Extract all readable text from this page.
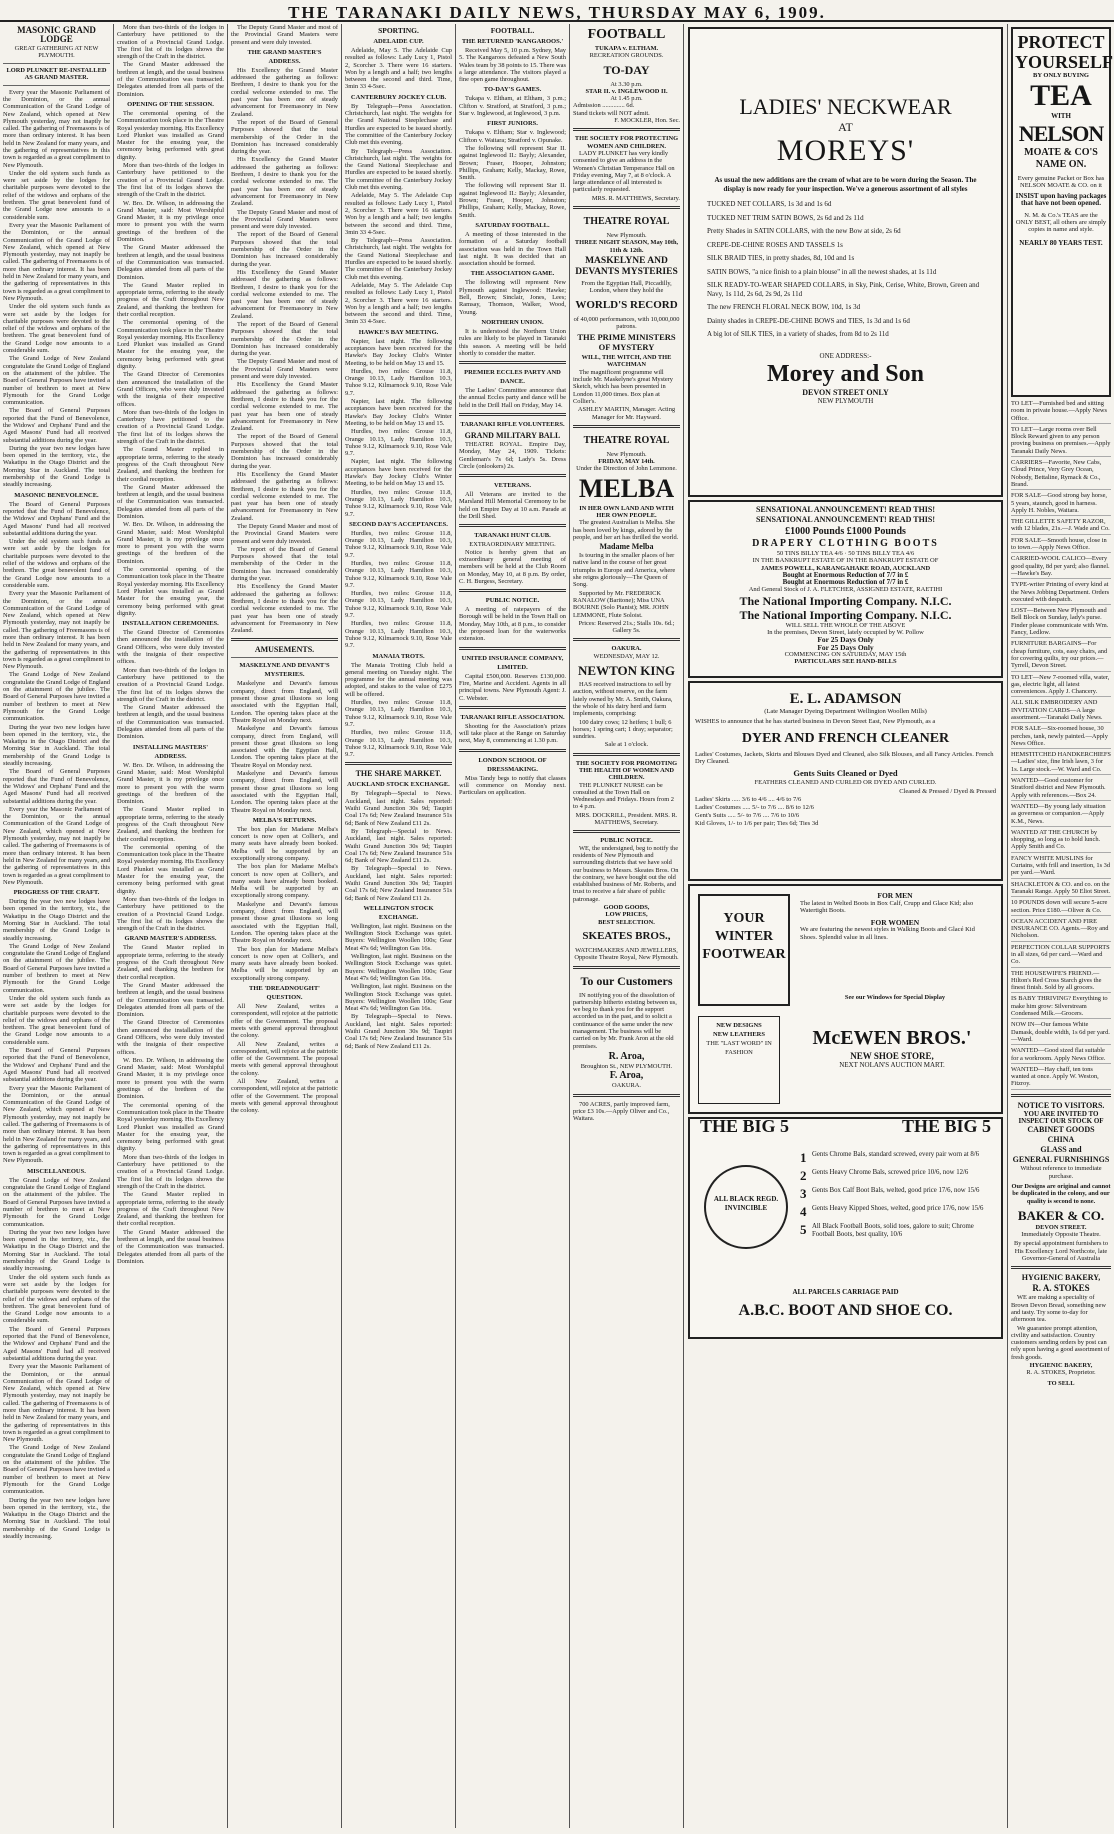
THE TARANAKI DAILY NEWS, THURSDAY MAY 6, 1909.
MASONIC GRAND LODGE
GREAT GATHERING AT NEW PLYMOUTH.
LORD PLUNKET RE-INSTALLED AS GRAND MASTER.

Every year the Masonic Parliament of the Dominion, or the annual Communication of the Grand Lodge of New Zealand, which opened at New Plymouth yesterday, may not inaptly be called. The gathering of Freemasons is of more than ordinary interest. It has been held in New Zealand for many years, and the gathering of representatives in this town is regarded as a great compliment to New Plymouth.

Under the old system such funds as were set aside by the lodges for charitable purposes were devoted to the relief of the widows and orphans of the brethren. The great benevolent fund of the Grand Lodge now amounts to a considerable sum.

Every year the Masonic Parliament of the Dominion, or the annual Communication of the Grand Lodge of New Zealand, which opened at New Plymouth yesterday, may not inaptly be called. The gathering of Freemasons is of more than ordinary interest. It has been held in New Zealand for many years, and the gathering of representatives in this town is regarded as a great compliment to New Plymouth.

Under the old system such funds as were set aside by the lodges for charitable purposes were devoted to the relief of the widows and orphans of the brethren. The great benevolent fund of the Grand Lodge now amounts to a considerable sum.

The Grand Lodge of New Zealand congratulate the Grand Lodge of England on the attainment of the jubilee. The Board of General Purposes have invited a number of brethren to meet at New Plymouth for the Grand Lodge communication.

The Board of General Purposes reported that the Fund of Benevolence, the Widows' and Orphans' Fund and the Aged Masons' Fund had all received substantial additions during the year.

During the year two new lodges have been opened in the territory, viz., the Wakatipu in the Otago District and the Morning Star in Auckland. The total membership of the Grand Lodge is steadily increasing.

MASONIC BENEVOLENCE.

The Board of General Purposes reported that the Fund of Benevolence, the Widows' and Orphans' Fund and the Aged Masons' Fund had all received substantial additions during the year.

Under the old system such funds as were set aside by the lodges for charitable purposes were devoted to the relief of the widows and orphans of the brethren. The great benevolent fund of the Grand Lodge now amounts to a considerable sum.

Every year the Masonic Parliament of the Dominion, or the annual Communication of the Grand Lodge of New Zealand, which opened at New Plymouth yesterday, may not inaptly be called. The gathering of Freemasons is of more than ordinary interest. It has been held in New Zealand for many years, and the gathering of representatives in this town is regarded as a great compliment to New Plymouth.

The Grand Lodge of New Zealand congratulate the Grand Lodge of England on the attainment of the jubilee. The Board of General Purposes have invited a number of brethren to meet at New Plymouth for the Grand Lodge communication.

During the year two new lodges have been opened in the territory, viz., the Wakatipu in the Otago District and the Morning Star in Auckland. The total membership of the Grand Lodge is steadily increasing.

The Board of General Purposes reported that the Fund of Benevolence, the Widows' and Orphans' Fund and the Aged Masons' Fund had all received substantial additions during the year.

Every year the Masonic Parliament of the Dominion, or the annual Communication of the Grand Lodge of New Zealand, which opened at New Plymouth yesterday, may not inaptly be called. The gathering of Freemasons is of more than ordinary interest. It has been held in New Zealand for many years, and the gathering of representatives in this town is regarded as a great compliment to New Plymouth.

PROGRESS OF THE CRAFT.

During the year two new lodges have been opened in the territory, viz., the Wakatipu in the Otago District and the Morning Star in Auckland. The total membership of the Grand Lodge is steadily increasing.

The Grand Lodge of New Zealand congratulate the Grand Lodge of England on the attainment of the jubilee. The Board of General Purposes have invited a number of brethren to meet at New Plymouth for the Grand Lodge communication.

Under the old system such funds as were set aside by the lodges for charitable purposes were devoted to the relief of the widows and orphans of the brethren. The great benevolent fund of the Grand Lodge now amounts to a considerable sum.

The Board of General Purposes reported that the Fund of Benevolence, the Widows' and Orphans' Fund and the Aged Masons' Fund had all received substantial additions during the year.

Every year the Masonic Parliament of the Dominion, or the annual Communication of the Grand Lodge of New Zealand, which opened at New Plymouth yesterday, may not inaptly be called. The gathering of Freemasons is of more than ordinary interest. It has been held in New Zealand for many years, and the gathering of representatives in this town is regarded as a great compliment to New Plymouth.

MISCELLANEOUS.

The Grand Lodge of New Zealand congratulate the Grand Lodge of England on the attainment of the jubilee. The Board of General Purposes have invited a number of brethren to meet at New Plymouth for the Grand Lodge communication.

During the year two new lodges have been opened in the territory, viz., the Wakatipu in the Otago District and the Morning Star in Auckland. The total membership of the Grand Lodge is steadily increasing.

Under the old system such funds as were set aside by the lodges for charitable purposes were devoted to the relief of the widows and orphans of the brethren. The great benevolent fund of the Grand Lodge now amounts to a considerable sum.

The Board of General Purposes reported that the Fund of Benevolence, the Widows' and Orphans' Fund and the Aged Masons' Fund had all received substantial additions during the year.

Every year the Masonic Parliament of the Dominion, or the annual Communication of the Grand Lodge of New Zealand, which opened at New Plymouth yesterday, may not inaptly be called. The gathering of Freemasons is of more than ordinary interest. It has been held in New Zealand for many years, and the gathering of representatives in this town is regarded as a great compliment to New Plymouth.

The Grand Lodge of New Zealand congratulate the Grand Lodge of England on the attainment of the jubilee. The Board of General Purposes have invited a number of brethren to meet at New Plymouth for the Grand Lodge communication.

During the year two new lodges have been opened in the territory, viz., the Wakatipu in the Otago District and the Morning Star in Auckland. The total membership of the Grand Lodge is steadily increasing.

More than two-thirds of the lodges in Canterbury have petitioned to the creation of a Provincial Grand Lodge. The first list of its lodges shows the strength of the Craft in the district.

The Grand Master addressed the brethren at length, and the usual business of the Communication was transacted. Delegates attended from all parts of the Dominion.

OPENING OF THE SESSION.

The ceremonial opening of the Communication took place in the Theatre Royal yesterday morning. His Excellency Lord Plunket was installed as Grand Master for the ensuing year, the ceremony being performed with great dignity.

More than two-thirds of the lodges in Canterbury have petitioned to the creation of a Provincial Grand Lodge. The first list of its lodges shows the strength of the Craft in the district.

W. Bro. Dr. Wilson, in addressing the Grand Master, said: Most Worshipful Grand Master, it is my privilege once more to present you with the warm greetings of the brethren of the Dominion.

The Grand Master addressed the brethren at length, and the usual business of the Communication was transacted. Delegates attended from all parts of the Dominion.

The Grand Master replied in appropriate terms, referring to the steady progress of the Craft throughout New Zealand, and thanking the brethren for their cordial reception.

The ceremonial opening of the Communication took place in the Theatre Royal yesterday morning. His Excellency Lord Plunket was installed as Grand Master for the ensuing year, the ceremony being performed with great dignity.

The Grand Director of Ceremonies then announced the installation of the Grand Officers, who were duly invested with the insignia of their respective offices.

More than two-thirds of the lodges in Canterbury have petitioned to the creation of a Provincial Grand Lodge. The first list of its lodges shows the strength of the Craft in the district.

The Grand Master replied in appropriate terms, referring to the steady progress of the Craft throughout New Zealand, and thanking the brethren for their cordial reception.

The Grand Master addressed the brethren at length, and the usual business of the Communication was transacted. Delegates attended from all parts of the Dominion.

W. Bro. Dr. Wilson, in addressing the Grand Master, said: Most Worshipful Grand Master, it is my privilege once more to present you with the warm greetings of the brethren of the Dominion.

The ceremonial opening of the Communication took place in the Theatre Royal yesterday morning. His Excellency Lord Plunket was installed as Grand Master for the ensuing year, the ceremony being performed with great dignity.

INSTALLATION CEREMONIES.

The Grand Director of Ceremonies then announced the installation of the Grand Officers, who were duly invested with the insignia of their respective offices.

More than two-thirds of the lodges in Canterbury have petitioned to the creation of a Provincial Grand Lodge. The first list of its lodges shows the strength of the Craft in the district.

The Grand Master addressed the brethren at length, and the usual business of the Communication was transacted. Delegates attended from all parts of the Dominion.

INSTALLING MASTERS' ADDRESS.

W. Bro. Dr. Wilson, in addressing the Grand Master, said: Most Worshipful Grand Master, it is my privilege once more to present you with the warm greetings of the brethren of the Dominion.

The Grand Master replied in appropriate terms, referring to the steady progress of the Craft throughout New Zealand, and thanking the brethren for their cordial reception.

The ceremonial opening of the Communication took place in the Theatre Royal yesterday morning. His Excellency Lord Plunket was installed as Grand Master for the ensuing year, the ceremony being performed with great dignity.

More than two-thirds of the lodges in Canterbury have petitioned to the creation of a Provincial Grand Lodge. The first list of its lodges shows the strength of the Craft in the district.

GRAND MASTER'S ADDRESS.

The Grand Master replied in appropriate terms, referring to the steady progress of the Craft throughout New Zealand, and thanking the brethren for their cordial reception.

The Grand Master addressed the brethren at length, and the usual business of the Communication was transacted. Delegates attended from all parts of the Dominion.

The Grand Director of Ceremonies then announced the installation of the Grand Officers, who were duly invested with the insignia of their respective offices.

W. Bro. Dr. Wilson, in addressing the Grand Master, said: Most Worshipful Grand Master, it is my privilege once more to present you with the warm greetings of the brethren of the Dominion.

The ceremonial opening of the Communication took place in the Theatre Royal yesterday morning. His Excellency Lord Plunket was installed as Grand Master for the ensuing year, the ceremony being performed with great dignity.

More than two-thirds of the lodges in Canterbury have petitioned to the creation of a Provincial Grand Lodge. The first list of its lodges shows the strength of the Craft in the district.

The Grand Master replied in appropriate terms, referring to the steady progress of the Craft throughout New Zealand, and thanking the brethren for their cordial reception.

The Grand Master addressed the brethren at length, and the usual business of the Communication was transacted. Delegates attended from all parts of the Dominion.

The Deputy Grand Master and most of the Provincial Grand Masters were present and were duly invested.

THE GRAND MASTER'S ADDRESS.

His Excellency the Grand Master addressed the gathering as follows: Brethren, I desire to thank you for the cordial welcome extended to me. The past year has been one of steady advancement for Freemasonry in New Zealand.

The report of the Board of General Purposes showed that the total membership of the Order in the Dominion has increased considerably during the year.

His Excellency the Grand Master addressed the gathering as follows: Brethren, I desire to thank you for the cordial welcome extended to me. The past year has been one of steady advancement for Freemasonry in New Zealand.

The Deputy Grand Master and most of the Provincial Grand Masters were present and were duly invested.

The report of the Board of General Purposes showed that the total membership of the Order in the Dominion has increased considerably during the year.

His Excellency the Grand Master addressed the gathering as follows: Brethren, I desire to thank you for the cordial welcome extended to me. The past year has been one of steady advancement for Freemasonry in New Zealand.

The report of the Board of General Purposes showed that the total membership of the Order in the Dominion has increased considerably during the year.

The Deputy Grand Master and most of the Provincial Grand Masters were present and were duly invested.

His Excellency the Grand Master addressed the gathering as follows: Brethren, I desire to thank you for the cordial welcome extended to me. The past year has been one of steady advancement for Freemasonry in New Zealand.

The report of the Board of General Purposes showed that the total membership of the Order in the Dominion has increased considerably during the year.

His Excellency the Grand Master addressed the gathering as follows: Brethren, I desire to thank you for the cordial welcome extended to me. The past year has been one of steady advancement for Freemasonry in New Zealand.

The Deputy Grand Master and most of the Provincial Grand Masters were present and were duly invested.

The report of the Board of General Purposes showed that the total membership of the Order in the Dominion has increased considerably during the year.

His Excellency the Grand Master addressed the gathering as follows: Brethren, I desire to thank you for the cordial welcome extended to me. The past year has been one of steady advancement for Freemasonry in New Zealand.

AMUSEMENTS.
MASKELYNE AND DEVANT'S MYSTERIES.

Maskelyne and Devant's famous company, direct from England, will present those great illusions so long associated with the Egyptian Hall, London. The opening takes place at the Theatre Royal on Monday next.

Maskelyne and Devant's famous company, direct from England, will present those great illusions so long associated with the Egyptian Hall, London. The opening takes place at the Theatre Royal on Monday next.

Maskelyne and Devant's famous company, direct from England, will present those great illusions so long associated with the Egyptian Hall, London. The opening takes place at the Theatre Royal on Monday next.

MELBA'S RETURNS.

The box plan for Madame Melba's concert is now open at Collier's, and many seats have already been booked. Melba will be supported by an exceptionally strong company.

The box plan for Madame Melba's concert is now open at Collier's, and many seats have already been booked. Melba will be supported by an exceptionally strong company.

Maskelyne and Devant's famous company, direct from England, will present those great illusions so long associated with the Egyptian Hall, London. The opening takes place at the Theatre Royal on Monday next.

The box plan for Madame Melba's concert is now open at Collier's, and many seats have already been booked. Melba will be supported by an exceptionally strong company.

THE 'DREADNOUGHT' QUESTION.

All New Zealand, writes a correspondent, will rejoice at the patriotic offer of the Government. The proposal meets with general approval throughout the colony.

All New Zealand, writes a correspondent, will rejoice at the patriotic offer of the Government. The proposal meets with general approval throughout the colony.

All New Zealand, writes a correspondent, will rejoice at the patriotic offer of the Government. The proposal meets with general approval throughout the colony.

SPORTING.
ADELAIDE CUP.

Adelaide, May 5. The Adelaide Cup resulted as follows: Lady Lucy 1, Pistol 2, Scorcher 3. There were 16 starters. Won by a length and a half; two lengths between the second and third. Time, 3min 33 4-5sec.

CANTERBURY JOCKEY CLUB.

By Telegraph—Press Association. Christchurch, last night. The weights for the Grand National Steeplechase and Hurdles are expected to be issued shortly. The committee of the Canterbury Jockey Club met this evening.

By Telegraph—Press Association. Christchurch, last night. The weights for the Grand National Steeplechase and Hurdles are expected to be issued shortly. The committee of the Canterbury Jockey Club met this evening.

Adelaide, May 5. The Adelaide Cup resulted as follows: Lady Lucy 1, Pistol 2, Scorcher 3. There were 16 starters. Won by a length and a half; two lengths between the second and third. Time, 3min 33 4-5sec.

By Telegraph—Press Association. Christchurch, last night. The weights for the Grand National Steeplechase and Hurdles are expected to be issued shortly. The committee of the Canterbury Jockey Club met this evening.

Adelaide, May 5. The Adelaide Cup resulted as follows: Lady Lucy 1, Pistol 2, Scorcher 3. There were 16 starters. Won by a length and a half; two lengths between the second and third. Time, 3min 33 4-5sec.

HAWKE'S BAY MEETING.

Napier, last night. The following acceptances have been received for the Hawke's Bay Jockey Club's Winter Meeting, to be held on May 13 and 15.

Hurdles, two miles: Grouse 11.8, Orange 10.13, Lady Hamilton 10.3, Tuhoe 9.12, Kilmarnock 9.10, Rose Vale 9.7.

Napier, last night. The following acceptances have been received for the Hawke's Bay Jockey Club's Winter Meeting, to be held on May 13 and 15.

Hurdles, two miles: Grouse 11.8, Orange 10.13, Lady Hamilton 10.3, Tuhoe 9.12, Kilmarnock 9.10, Rose Vale 9.7.

Napier, last night. The following acceptances have been received for the Hawke's Bay Jockey Club's Winter Meeting, to be held on May 13 and 15.

Hurdles, two miles: Grouse 11.8, Orange 10.13, Lady Hamilton 10.3, Tuhoe 9.12, Kilmarnock 9.10, Rose Vale 9.7.

SECOND DAY'S ACCEPTANCES.

Hurdles, two miles: Grouse 11.8, Orange 10.13, Lady Hamilton 10.3, Tuhoe 9.12, Kilmarnock 9.10, Rose Vale 9.7.

Hurdles, two miles: Grouse 11.8, Orange 10.13, Lady Hamilton 10.3, Tuhoe 9.12, Kilmarnock 9.10, Rose Vale 9.7.

Hurdles, two miles: Grouse 11.8, Orange 10.13, Lady Hamilton 10.3, Tuhoe 9.12, Kilmarnock 9.10, Rose Vale 9.7.

Hurdles, two miles: Grouse 11.8, Orange 10.13, Lady Hamilton 10.3, Tuhoe 9.12, Kilmarnock 9.10, Rose Vale 9.7.

MANAIA TROTS.

The Manaia Trotting Club held a general meeting on Tuesday night. The programme for the annual meeting was adopted, and stakes to the value of £275 will be offered.

Hurdles, two miles: Grouse 11.8, Orange 10.13, Lady Hamilton 10.3, Tuhoe 9.12, Kilmarnock 9.10, Rose Vale 9.7.

Hurdles, two miles: Grouse 11.8, Orange 10.13, Lady Hamilton 10.3, Tuhoe 9.12, Kilmarnock 9.10, Rose Vale 9.7.

THE SHARE MARKET.
AUCKLAND STOCK EXCHANGE.

By Telegraph—Special to News. Auckland, last night. Sales reported: Waihi Grand Junction 30s 9d; Taupiri Coal 17s 6d; New Zealand Insurance 51s 6d; Bank of New Zealand £11 2s.

By Telegraph—Special to News. Auckland, last night. Sales reported: Waihi Grand Junction 30s 9d; Taupiri Coal 17s 6d; New Zealand Insurance 51s 6d; Bank of New Zealand £11 2s.

By Telegraph—Special to News. Auckland, last night. Sales reported: Waihi Grand Junction 30s 9d; Taupiri Coal 17s 6d; New Zealand Insurance 51s 6d; Bank of New Zealand £11 2s.

WELLINGTON STOCK EXCHANGE.

Wellington, last night. Business on the Wellington Stock Exchange was quiet. Buyers: Wellington Woollen 100s; Gear Meat 47s 6d; Wellington Gas 16s.

Wellington, last night. Business on the Wellington Stock Exchange was quiet. Buyers: Wellington Woollen 100s; Gear Meat 47s 6d; Wellington Gas 16s.

Wellington, last night. Business on the Wellington Stock Exchange was quiet. Buyers: Wellington Woollen 100s; Gear Meat 47s 6d; Wellington Gas 16s.

By Telegraph—Special to News. Auckland, last night. Sales reported: Waihi Grand Junction 30s 9d; Taupiri Coal 17s 6d; New Zealand Insurance 51s 6d; Bank of New Zealand £11 2s.

FOOTBALL.
THE RETURNED 'KANGAROOS.'

Received May 5, 10 p.m. Sydney, May 5. The Kangaroos defeated a New South Wales team by 38 points to 15. There was a large attendance. The visitors played a fine open game throughout.

TO-DAY'S GAMES.

Tukapa v. Eltham, at Eltham, 3 p.m.; Clifton v. Stratford, at Stratford, 3 p.m.; Star v. Inglewood, at Inglewood, 3 p.m.

FIRST JUNIORS.

Tukapa v. Eltham; Star v. Inglewood; Clifton v. Waitara; Stratford v. Opunake.

The following will represent Star II. against Inglewood II.: Bayly; Alexander, Brown; Fraser, Hooper, Johnston; Phillips, Graham; Kelly, Mackay, Rowe, Smith.

The following will represent Star II. against Inglewood II.: Bayly; Alexander, Brown; Fraser, Hooper, Johnston; Phillips, Graham; Kelly, Mackay, Rowe, Smith.

SATURDAY FOOTBALL.

A meeting of those interested in the formation of a Saturday football association was held in the Town Hall last night. It was decided that an association should be formed.

THE ASSOCIATION GAME.

The following will represent New Plymouth against Inglewood: Hawke; Bell, Brown; Sinclair, Jones, Lees; Ramsay, Thomson, Walker, Wood, Young.

NORTHERN UNION.

It is understood the Northern Union rules are likely to be played in Taranaki this season. A meeting will be held shortly to consider the matter.

PREMIER ECCLES PARTY AND DANCE.

The Ladies' Committee announce that the annual Eccles party and dance will be held in the Drill Hall on Friday, May 14.

TARANAKI RIFLE VOLUNTEERS.
GRAND MILITARY BALL

THEATRE ROYAL. Empire Day, Monday, May 24, 1909. Tickets: Gentleman's 7s 6d; Lady's 5s. Dress Circle (onlookers) 2s.

VETERANS.

All Veterans are invited to the Marsland Hill Memorial Ceremony to be held on Empire Day at 10 a.m. Parade at the Drill Shed.

TARANAKI HUNT CLUB.
EXTRAORDINARY MEETING.

Notice is hereby given that an extraordinary general meeting of members will be held at the Club Room on Monday, May 10, at 8 p.m. By order, C. H. Burgess, Secretary.

PUBLIC NOTICE.

A meeting of ratepayers of the Borough will be held in the Town Hall on Monday, May 10th, at 8 p.m., to consider the proposed loan for the waterworks extension.

UNITED INSURANCE COMPANY, LIMITED.

Capital £500,000. Reserves £130,000. Fire, Marine and Accident. Agents in all principal towns. New Plymouth Agent: J. C. Webster.

TARANAKI RIFLE ASSOCIATION.

Shooting for the Association's prizes will take place at the Range on Saturday next, May 8, commencing at 1.30 p.m.

LONDON SCHOOL OF DRESSMAKING.

Miss Tandy begs to notify that classes will commence on Monday next. Particulars on application.

FOOTBALL
TUKAPA v. ELTHAM.
RECREATION GROUNDS.
TO-DAY
At 3.30 p.m.
STAR II. v. INGLEWOOD II.
At 1.45 p.m.
Admission .............. 6d.
Stand tickets will NOT admit.
F. MOCKLER, Hon. Sec.
THE SOCIETY FOR PROTECTING WOMEN AND CHILDREN.

LADY PLUNKET has very kindly consented to give an address in the Women's Christian Temperance Hall on Friday evening, May 7, at 8 o'clock. A large attendance of all interested is particularly requested.

MRS. R. MATTHEWS, Secretary.
THEATRE ROYAL
New Plymouth.
THREE NIGHT SEASON, May 10th, 11th & 12th.
MASKELYNE AND DEVANTS MYSTERIES
From the Egyptian Hall, Piccadilly, London, where they hold the
WORLD'S RECORD
of 40,000 performances, with 10,000,000 patrons.
THE PRIME MINISTERS OF MYSTERY
WILL, THE WITCH, AND THE WATCHMAN

The magnificent programme will include Mr. Maskelyne's great Mystery Sketch, which has been presented in London 11,000 times. Box plan at Collier's.

ASHLEY MARTIN, Manager. Acting Manager for Mr. Hayward.
THEATRE ROYAL
New Plymouth.
FRIDAY, MAY 14th.
Under the Direction of John Lemmone.
MELBA
IN HER OWN LAND AND WITH HER OWN PEOPLE.

The greatest Australian is Melba. She has been loved by kings, adored by the people, and her art has thrilled the world.

Madame Melba

Is touring in the smaller places of her native land in the course of her great triumphs in Europe and America, where she reigns gloriously—The Queen of Song.

Supported by Mr. FREDERICK RANALOW (Baritone); Miss UNA BOURNE (Solo Pianist); MR. JOHN LEMMONE, Flute Soloist.

Prices: Reserved 21s.; Stalls 10s. 6d.; Gallery 5s.
OAKURA.
WEDNESDAY, MAY 12.
NEWTON KING

HAS received instructions to sell by auction, without reserve, on the farm lately owned by Mr. A. Smith, Oakura, the whole of his dairy herd and farm implements, comprising:

100 dairy cows; 12 heifers; 1 bull; 6 horses; 1 spring cart; 1 dray; separator; sundries.

Sale at 1 o'clock.
THE SOCIETY FOR PROMOTING THE HEALTH OF WOMEN AND CHILDREN.

THE PLUNKET NURSE can be consulted at the Town Hall on Wednesdays and Fridays. Hours from 2 to 4 p.m.

MRS. DOCKRILL, President. MRS. R. MATTHEWS, Secretary.
PUBLIC NOTICE.

WE, the undersigned, beg to notify the residents of New Plymouth and surrounding districts that we have sold our business to Messrs. Skeates Bros. On the contrary, we have bought out the old established business of Mr. Roberts, and trust to receive a fair share of public patronage.

GOOD GOODS,
LOW PRICES,
BEST SELECTION.
SKEATES BROS.,
WATCHMAKERS AND JEWELLERS, Opposite Theatre Royal, New Plymouth.
To our Customers

IN notifying you of the dissolution of partnership hitherto existing between us, we beg to thank you for the support accorded us in the past, and to solicit a continuance of the same under the new management. The business will be carried on by Mr. Frank Aron at the old premises.

R. Aroa,
Broughton St., NEW PLYMOUTH.
F. Aroa,
OAKURA.

700 ACRES, partly improved farm, price £3 10s.—Apply Oliver and Co., Waitara.

LADIES' NECKWEAR
AT
MOREYS'
As usual the new additions are the cream of what are to be worn during the Season. The display is now ready for your inspection. We've a generous assortment of all styles
TUCKED NET COLLARS, 1s 3d and 1s 6d
TUCKED NET TRIM SATIN BOWS, 2s 6d and 2s 11d
Pretty Shades in SATIN COLLARS, with the new Bow at side, 2s 6d
CREPE-DE-CHINE ROSES AND TASSELS 1s
SILK BRAID TIES, in pretty shades, 8d, 10d and 1s
SATIN BOWS, "a nice finish to a plain blouse" in all the newest shades, at 1s 11d
SILK READY-TO-WEAR SHAPED COLLARS, in Sky, Pink, Cerise, White, Brown, Green and Navy, 1s 11d, 2s 6d, 2s 9d, 2s 11d
The new FRENCH FLORAL NECK BOW, 10d, 1s 3d
Dainty shades in CREPE-DE-CHINE BOWS and TIES, 1s 3d and 1s 6d
A big lot of SILK TIES, in a variety of shades, from 8d to 2s 11d
ONE ADDRESS:-
Morey and Son
DEVON STREET ONLY
NEW PLYMOUTH
SENSATIONAL ANNOUNCEMENT! READ THIS!
SENSATIONAL ANNOUNCEMENT! READ THIS!
£1000 Pounds £1000 Pounds
DRAPERY CLOTHING BOOTS
50 TINS BILLY TEA 4/6 · 50 TINS BILLY TEA 4/6
IN THE BANKRUPT ESTATE OF IN THE BANKRUPT ESTATE OF
JAMES POWELL, KARANGAHAKE ROAD, AUCKLAND
Bought at Enormous Reduction of 7/7 in £
Bought at Enormous Reduction of 7/7 in £
And General Stock of J. A. FLETCHER, ASSIGNED ESTATE, RAETIHI
The National Importing Company. N.I.C.
The National Importing Company. N.I.C.
WILL SELL THE WHOLE OF THE ABOVE
In the premises, Devon Street, lately occupied by W. Pollow
For 25 Days Only
For 25 Days Only
COMMENCING ON SATURDAY, MAY 15th
PARTICULARS SEE HAND-BILLS
E. L. ADAMSON
(Late Manager Dyeing Department Wellington Woollen Mills)
WISHES to announce that he has started business in Devon Street East, New Plymouth, as a
DYER AND FRENCH CLEANER
Ladies' Costumes, Jackets, Skirts and Blouses Dyed and Cleaned, also Silk Blouses, and all Fancy Articles. French Dry Cleaned.
Gents Suits Cleaned or Dyed
FEATHERS CLEANED AND CURLED OR DYED AND CURLED.
Cleaned & Pressed / Dyed & Pressed
Ladies' Skirts ..... 3/6 to 4/6 .... 4/6 to 7/6
Ladies' Costumes ..... 5/- to 7/6 .... 8/6 to 12/6
Gent's Suits ..... 5/- to 7/6 .... 7/6 to 10/6
Kid Gloves, 1/- to 1/6 per pair; Ties 6d; Ties 3d
YOUR
WINTER
FOOTWEAR
FOR MEN
The latest in Welted Boots in Box Calf, Crupp and Glace Kid; also Watertight Boots.
FOR WOMEN
We are featuring the newest styles in Walking Boots and Glacé Kid Shoes. Splendid value in all lines.
See our Windows for Special Display
NEW DESIGNS
NEW LEATHERS
THE "LAST WORD" IN FASHION
McEWEN BROS.'
NEW SHOE STORE,
NEXT NOLAN'S AUCTION MART.
THE BIG 5	THE BIG 5
ALL BLACK REGD. INVINCIBLE
1 Gents Chrome Bals, standard screwed, every pair worn at 8/6
2 Gents Heavy Chrome Bals, screwed price 10/6, now 12/6
3 Gents Box Calf Boot Bals, welted, good price 17/6, now 15/6
4 Gents Heavy Kipped Shoes, welted, good price 17/6, now 15/6
5 All Black Football Boots, solid toes, galore to suit; Chrome Football Boots, best quality, 10/6
ALL PARCELS CARRIAGE PAID
A.B.C. BOOT AND SHOE CO.
PROTECT YOURSELF
BY ONLY BUYING
TEA
WITH
NELSON
MOATE & CO'S
NAME ON.
Every genuine Packet or Box has NELSON MOATE & CO. on it
INSIST upon having packages that have not been opened.
N. M. & Co.'s TEAS are the ONLY BEST, all others are simply copies in name and style.
NEARLY 80 YEARS TEST.
TO LET—Furnished bed and sitting room in private house.—Apply News Office.
TO LET—Large rooms over Bell Block Reward given to any person proving business on premises.—Apply Taranaki Daily News.
CARRIERS—Favorite, New Cabs, Cloud Prince, Very Grey Ocean, Nobody, Bettaline, Rymack & Co., Brand.
FOR SALE—Good strong bay horse, 5 years, staunch, good in harness. Apply H. Nobles, Waitara.
THE GILLETTE SAFETY RAZOR, with 12 blades, 21s.—J. Wade and Co.
FOR SALE—Smooth house, close in to town.—Apply News Office.
CARRIED-WOOL CALICO—Every good quality, 8d per yard; also flannel.—Hawke's Bay.
TYPE-writer Printing of every kind at the News Jobbing Department. Orders executed with despatch.
LOST—Between New Plymouth and Bell Block on Sunday, lady's purse. Finder please communicate with Wm. Fancy, Ledlow.
FURNITURE BARGAINS—For cheap furniture, cots, easy chairs, and for covering quilts, try our prices.—Tyrrell, Devon Street.
TO LET—New 7-roomed villa, water, gas, electric light, all latest conveniences. Apply J. Chancery.
ALL SILK EMBROIDERY AND INVITATION CARDS—A large assortment.—Taranaki Daily News.
FOR SALE—Six-roomed house, 30 perches, tank, newly painted.—Apply News Office.
HEMSTITCHED HANDKERCHIEFS—Ladies' size, fine Irish lawn, 3 for 1s. Large stock.—W. Ward and Co.
WANTED—Good customer for Stratford district and New Plymouth. Apply with references.—Box 24.
WANTED—By young lady situation as governess or companion.—Apply K.M., News.
WANTED AT THE CHURCH by shopping, so long as to hold lunch. Apply Smith and Co.
FANCY WHITE MUSLINS for Curtains, with frill and insertion, 1s 3d per yard.—Ward.
SHACKLETON & CO. and co. on the Taranaki Range. Apply 50 Eliot Street.
10 POUNDS down will secure 5-acre section. Price £180.—Oliver & Co.
OCEAN ACCIDENT AND FIRE INSURANCE CO. Agents.—Roy and Nicholson.
PERFECTION COLLAR SUPPORTS in all sizes, 6d per card.—Ward and Co.
THE HOUSEWIFE'S FRIEND.—Hilton's Red Cross Starch gives the finest finish. Sold by all grocers.
IS BABY THRIVING? Everything to make him grow: Silverstream Condensed Milk.—Grocers.
NOW IN—Our famous White Damask, double width, 1s 6d per yard.—Ward.
WANTED—Good sized flat suitable for a workroom. Apply News Office.
WANTED—Hay chaff, ten tons wanted at once. Apply W. Weston, Fitzroy.
NOTICE TO VISITORS.
YOU ARE INVITED TO INSPECT OUR STOCK OF
CABINET GOODS
CHINA
GLASS and
GENERAL FURNISHINGS
Without reference to immediate purchase.
Our Designs are original and cannot be duplicated in the colony, and our quality is second to none.
BAKER & CO.
DEVON STREET.
Immediately Opposite Theatre.
By special appointment furnishers to His Excellency Lord Northcote, late Governor-General of Australia
HYGIENIC BAKERY,
R. A. STOKES

WE are making a speciality of Brown Devon Bread, something new and tasty. Try some to-day for afternoon tea.

We guarantee prompt attention, civility and satisfaction. Country customers sending orders by post can rely upon having a good assortment of fresh goods.

HYGIENIC BAKERY,
R. A. STOKES, Proprietor.
TO SELL
